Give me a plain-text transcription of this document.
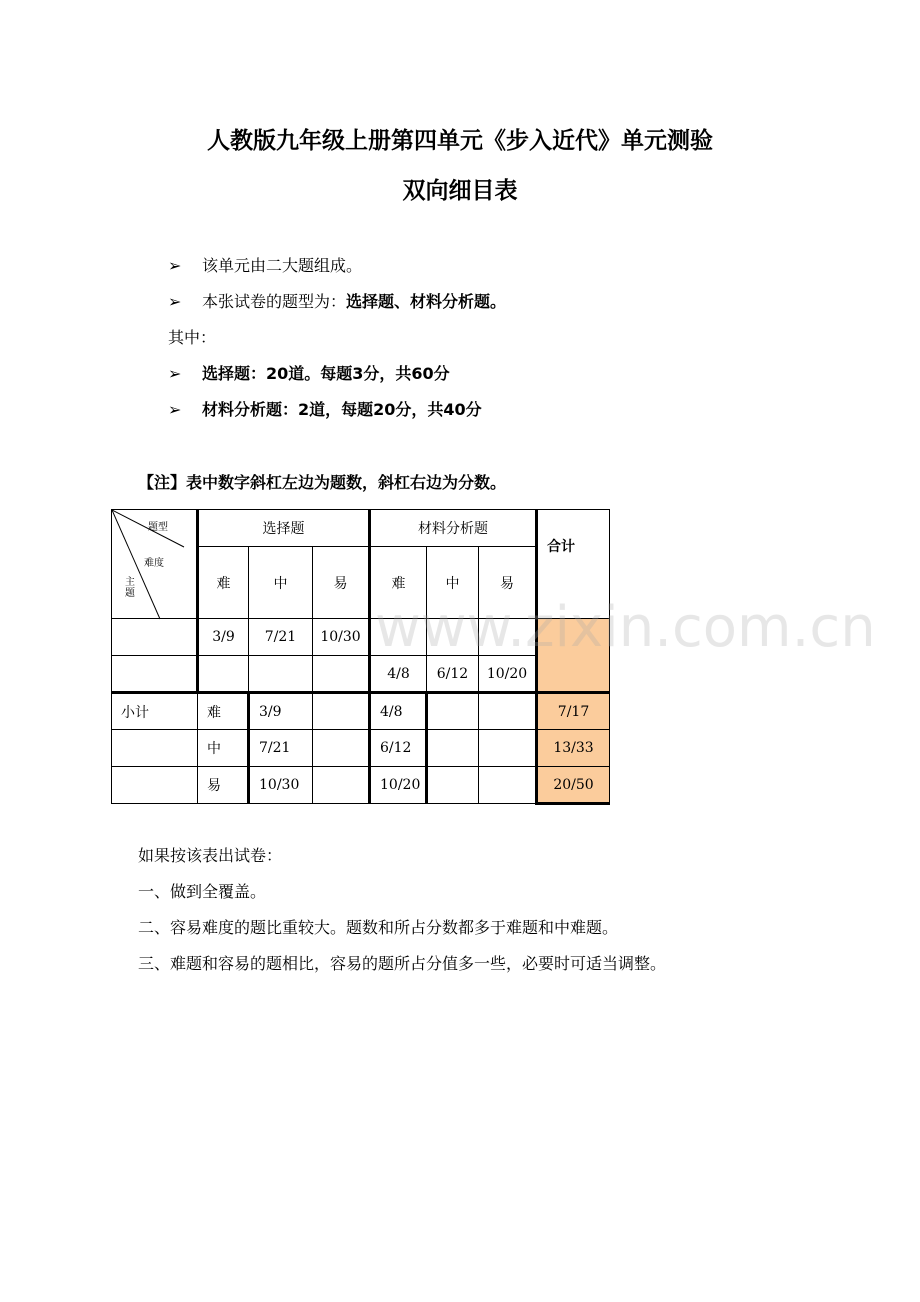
人教版九年级上册第四单元《步入近代》单元测验
双向细目表
➢ 该单元由二大题组成。
➢ 本张试卷的题型为：选择题、材料分析题。
其中：
➢ 选择题：20道。每题3分，共60分
➢ 材料分析题：2道，每题20分，共40分
【注】表中数字斜杠左边为题数，斜杠右边为分数。
题型
难度
主题	选择题			材料分析题			合计
	难	中	易	难	中	易	
	3/9	7/21	10/30				
				4/8	6/12	10/20	
小计	难	3/9		4/8			7/17
	中	7/21		6/12			13/33
	易	10/30		10/20			20/50
www.zixin.com.cn
如果按该表出试卷：
一、做到全覆盖。
二、容易难度的题比重较大。题数和所占分数都多于难题和中难题。
三、难题和容易的题相比，容易的题所占分值多一些，必要时可适当调整。
